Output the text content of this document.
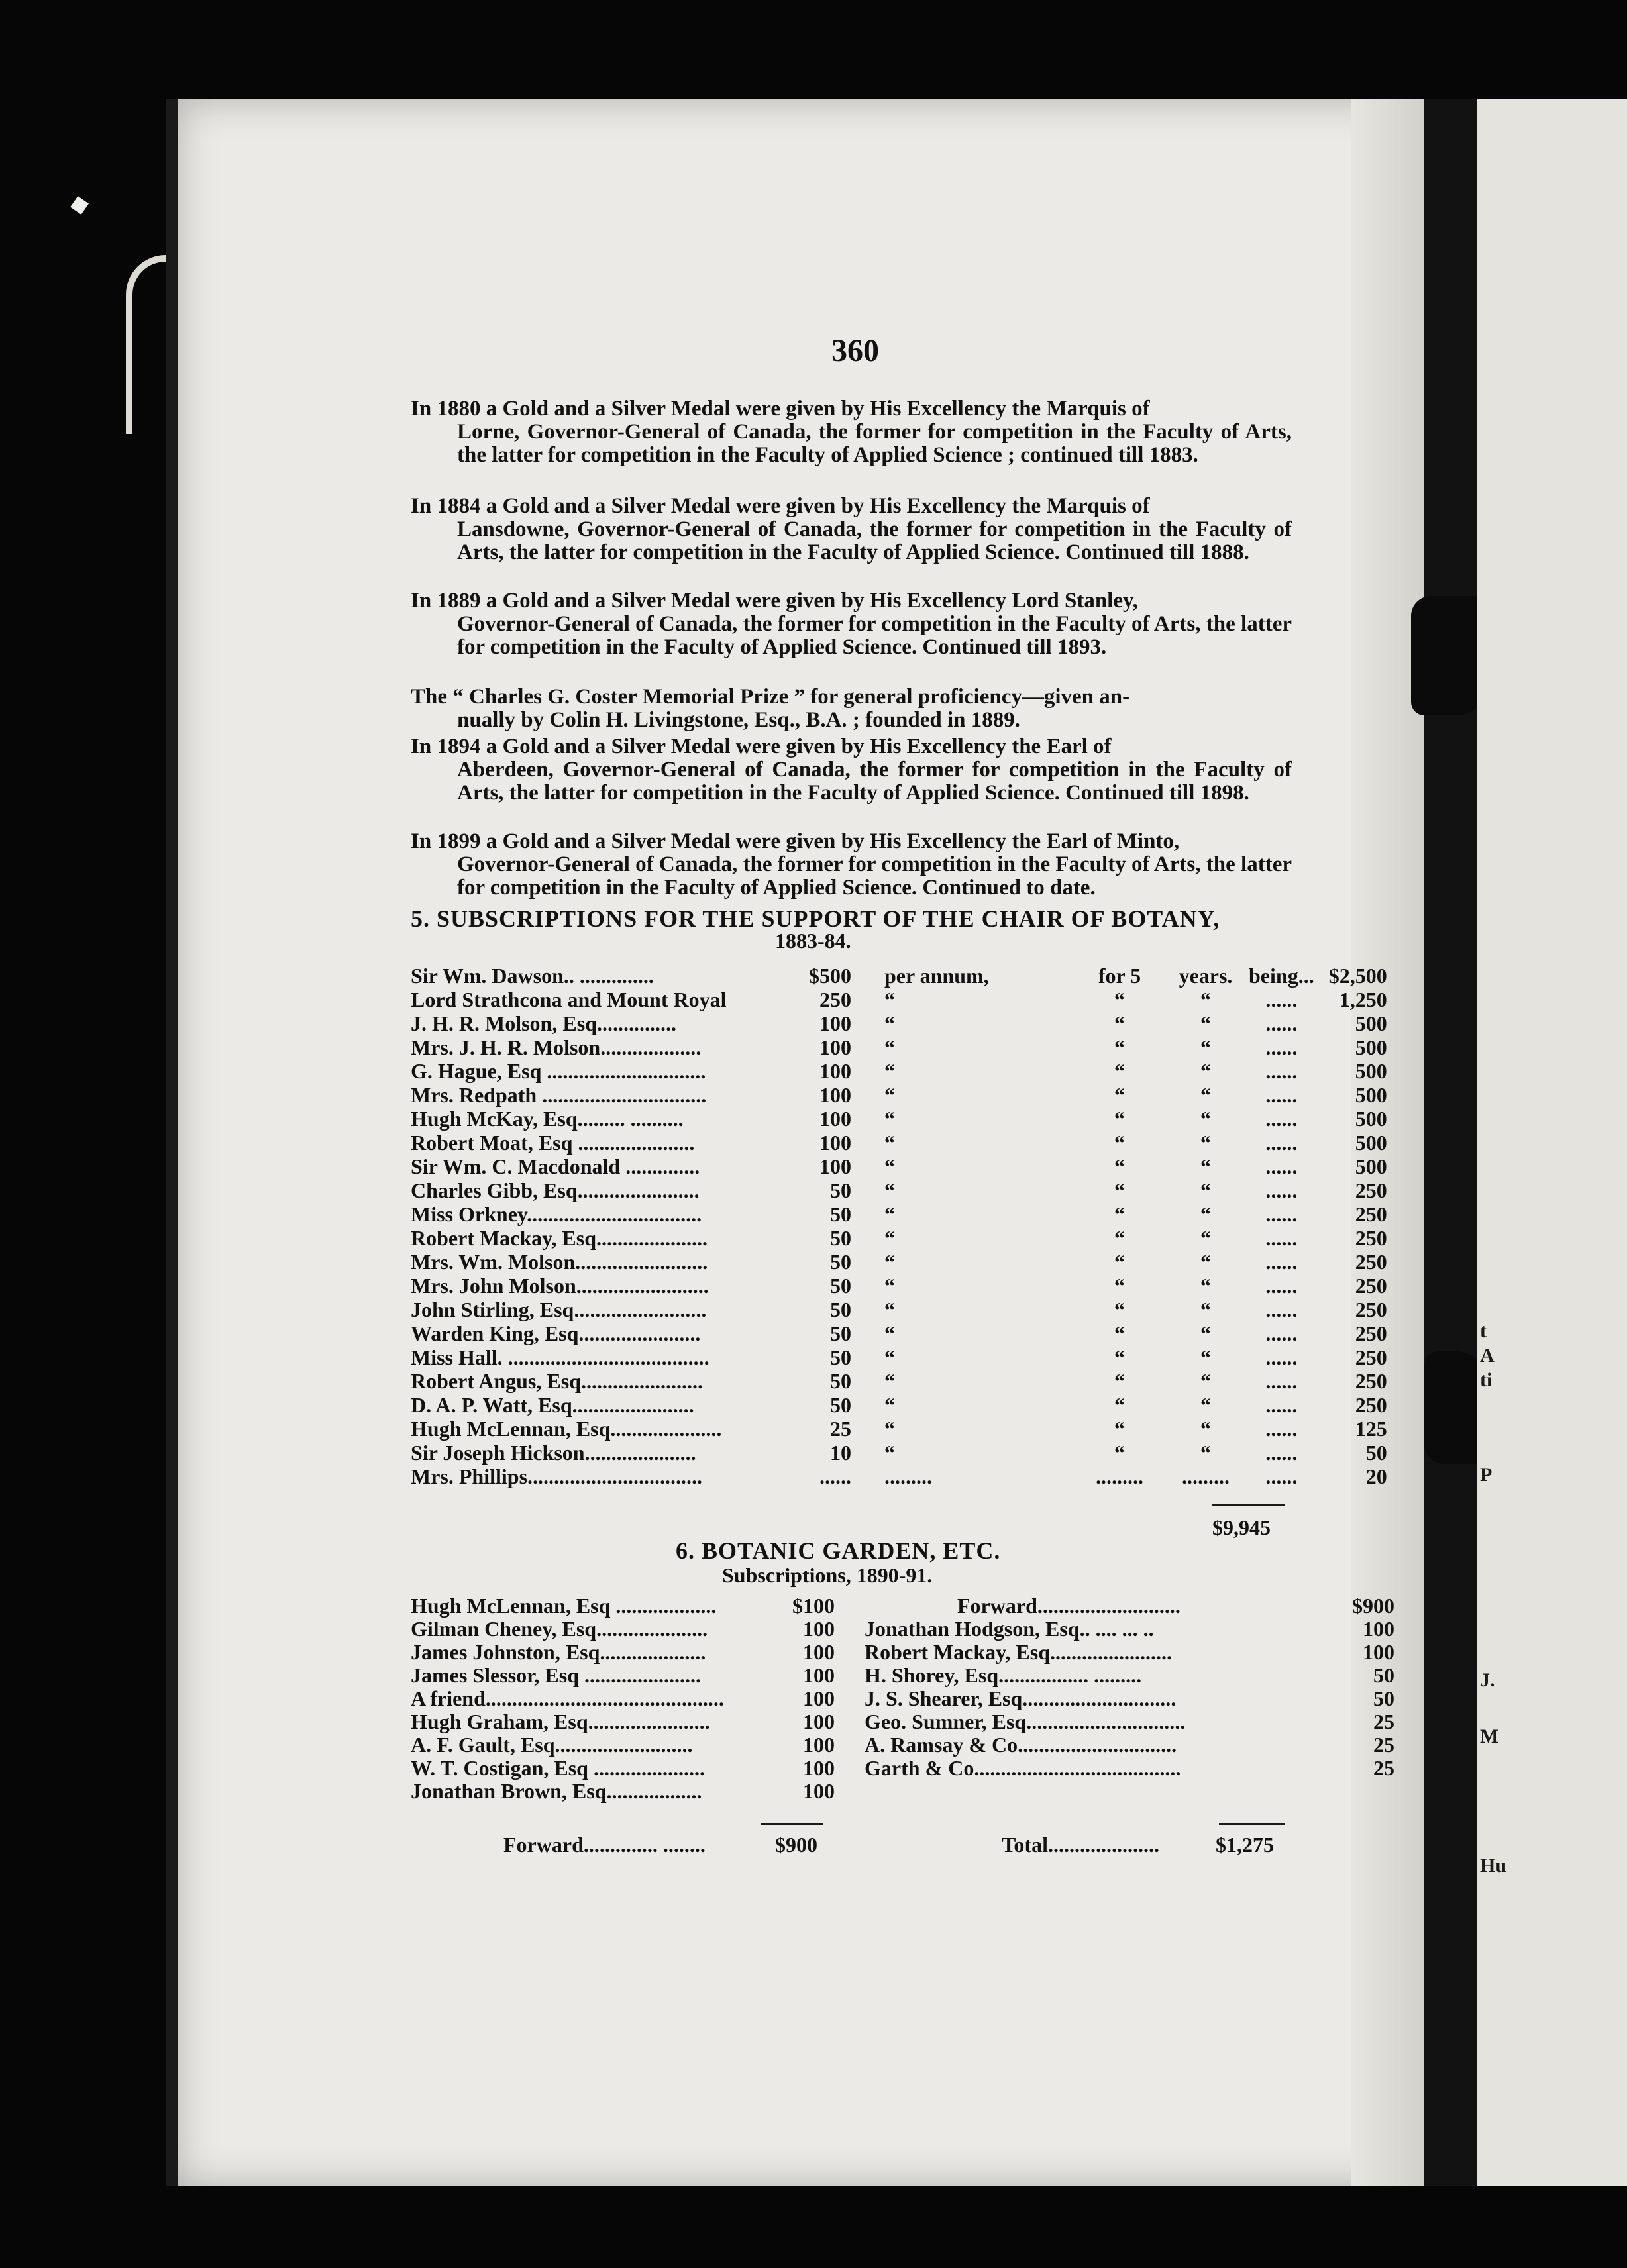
t
A
ti
P
J.
M
Hu
360
In 1880 a Gold and a Silver Medal were given by His Excellency the Marquis of
Lorne, Governor-General of Canada, the former for competition in the Faculty of Arts, the latter for competition in the Faculty of Applied Science ; continued till 1883.
In 1884 a Gold and a Silver Medal were given by His Excellency the Marquis of
Lansdowne, Governor-General of Canada, the former for competition in the Faculty of Arts, the latter for competition in the Faculty of Applied Science. Continued till 1888.
In 1889 a Gold and a Silver Medal were given by His Excellency Lord Stanley,
Governor-General of Canada, the former for competition in the Faculty of Arts, the latter for competition in the Faculty of Applied Science. Continued till 1893.
The “ Charles G. Coster Memorial Prize ” for general proficiency—given an-
nually by Colin H. Livingstone, Esq., B.A. ; founded in 1889.
In 1894 a Gold and a Silver Medal were given by His Excellency the Earl of
Aberdeen, Governor-General of Canada, the former for competition in the Faculty of Arts, the latter for competition in the Faculty of Applied Science. Continued till 1898.
In 1899 a Gold and a Silver Medal were given by His Excellency the Earl of Minto,
Governor-General of Canada, the former for competition in the Faculty of Arts, the latter for competition in the Faculty of Applied Science. Continued to date.
5. SUBSCRIPTIONS FOR THE SUPPORT OF THE CHAIR OF BOTANY,
1883-84.
Sir Wm. Dawson.. ..............	$500	per annum,	for 5	years.	being...	$2,500
Lord Strathcona and Mount Royal	250	“	“	“	......	1,250
J. H. R. Molson, Esq...............	100	“	“	“	......	500
Mrs. J. H. R. Molson...................	100	“	“	“	......	500
G. Hague, Esq ..............................	100	“	“	“	......	500
Mrs. Redpath ...............................	100	“	“	“	......	500
Hugh McKay, Esq......... ..........	100	“	“	“	......	500
Robert Moat, Esq ......................	100	“	“	“	......	500
Sir Wm. C. Macdonald ..............	100	“	“	“	......	500
Charles Gibb, Esq.......................	50	“	“	“	......	250
Miss Orkney.................................	50	“	“	“	......	250
Robert Mackay, Esq.....................	50	“	“	“	......	250
Mrs. Wm. Molson.........................	50	“	“	“	......	250
Mrs. John Molson.........................	50	“	“	“	......	250
John Stirling, Esq.........................	50	“	“	“	......	250
Warden King, Esq.......................	50	“	“	“	......	250
Miss Hall. ......................................	50	“	“	“	......	250
Robert Angus, Esq.......................	50	“	“	“	......	250
D. A. P. Watt, Esq.......................	50	“	“	“	......	250
Hugh McLennan, Esq.....................	25	“	“	“	......	125
Sir Joseph Hickson.....................	10	“	“	“	......	50
Mrs. Phillips.................................	......	.........	.........	.........	......	20
$9,945
6. BOTANIC GARDEN, ETC.
Subscriptions, 1890-91.
Hugh McLennan, Esq ...................	$100
Gilman Cheney, Esq.....................	100
James Johnston, Esq....................	100
James Slessor, Esq ......................	100
A friend.............................................	100
Hugh Graham, Esq.......................	100
A. F. Gault, Esq..........................	100
W. T. Costigan, Esq .....................	100
Jonathan Brown, Esq..................	100
Forward...........................	$900
Jonathan Hodgson, Esq.. .... ... ..	100
Robert Mackay, Esq.......................	100
H. Shorey, Esq................. .........	50
J. S. Shearer, Esq.............................	50
Geo. Sumner, Esq..............................	25
A. Ramsay & Co..............................	25
Garth & Co.......................................	25
Forward.............. ........	$900	Total.....................	$1,275
